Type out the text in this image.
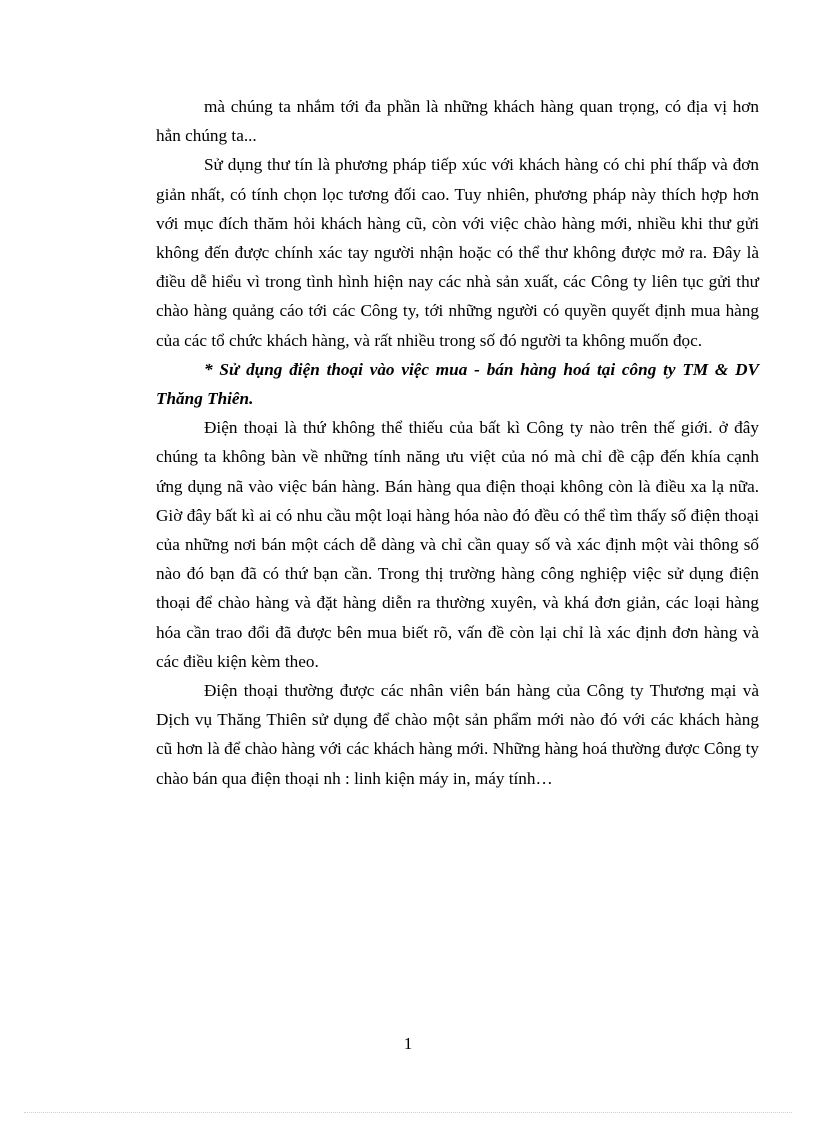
mà chúng ta nhắm tới đa phần là những khách hàng quan trọng, có địa vị hơn hẳn chúng ta...

Sử dụng thư tín là phương pháp tiếp xúc với khách hàng có chi phí thấp và đơn giản nhất, có tính chọn lọc tương đối cao. Tuy nhiên, phương pháp này thích hợp hơn với mục đích thăm hỏi khách hàng cũ, còn với việc chào hàng mới, nhiều khi thư gửi không đến được chính xác tay người nhận hoặc có thể thư không được mở ra. Đây là điều dễ hiểu vì trong tình hình hiện nay các nhà sản xuất, các Công ty liên tục gửi thư chào hàng quảng cáo tới các Công ty, tới những người có quyền quyết định mua hàng của các tổ chức khách hàng, và rất nhiều trong số đó người ta không muốn đọc.

* Sử dụng điện thoại vào việc mua - bán hàng hoá tại công ty TM & DV Thăng Thiên.

Điện thoại là thứ không thể thiếu của bất kì Công ty nào trên thế giới. ở đây chúng ta không bàn về những tính năng ưu việt của nó mà chỉ đề cập đến khía cạnh ứng dụng nã vào việc bán hàng. Bán hàng qua điện thoại không còn là điều xa lạ nữa. Giờ đây bất kì ai có nhu cầu một loại hàng hóa nào đó đều có thể tìm thấy số điện thoại của những nơi bán một cách dễ dàng và chỉ cần quay số và xác định một vài thông số nào đó bạn đã có thứ bạn cần. Trong thị trường hàng công nghiệp việc sử dụng điện thoại để chào hàng và đặt hàng diễn ra thường xuyên, và khá đơn giản, các loại hàng hóa cần trao đổi đã được bên mua biết rõ, vấn đề còn lại chỉ là xác định đơn hàng và các điều kiện kèm theo.

Điện thoại thường được các nhân viên bán hàng của Công ty Thương mại và Dịch vụ Thăng Thiên sử dụng để chào một sản phẩm mới nào đó với các khách hàng cũ hơn là để chào hàng với các khách hàng mới. Những hàng hoá thường được Công ty chào bán qua điện thoại nh : linh kiện máy in, máy tính…

1
